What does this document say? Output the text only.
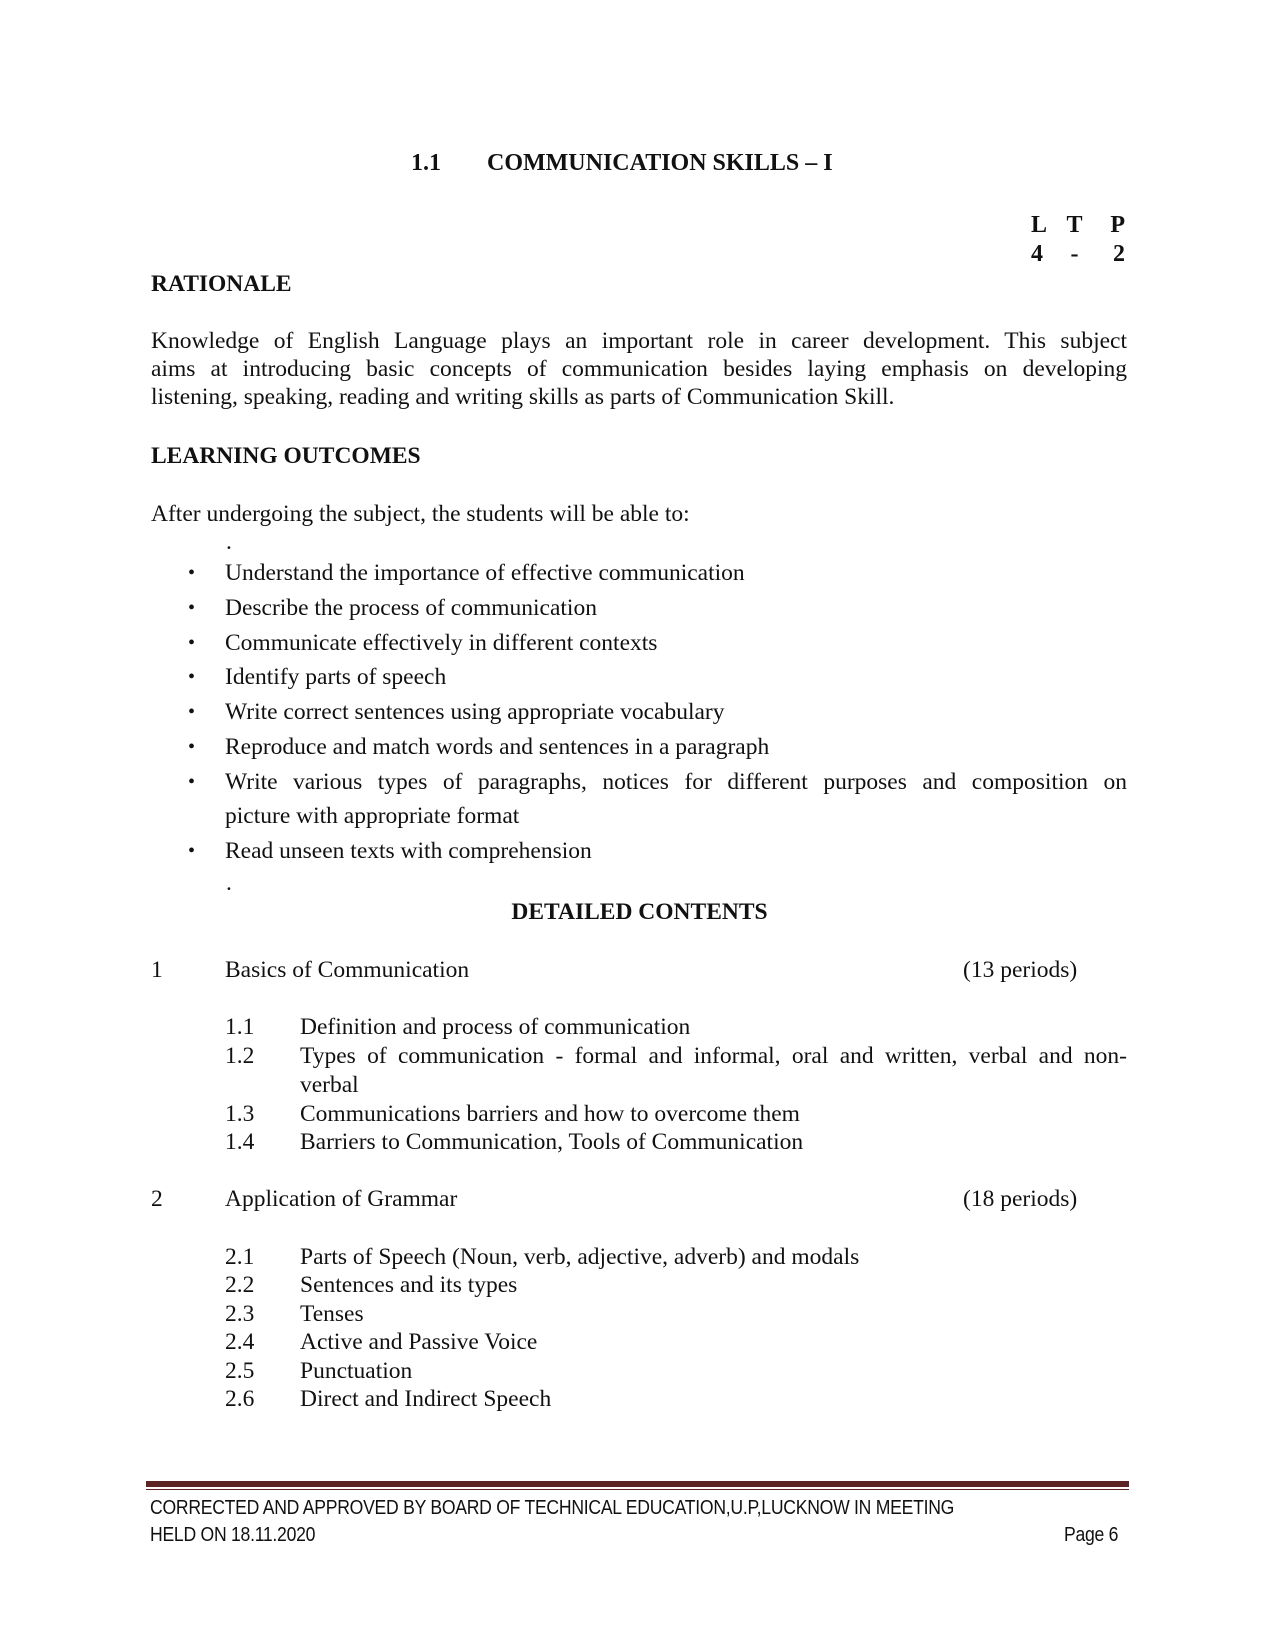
1.1 COMMUNICATION SKILLS – I
L T	P
4	-	2
RATIONALE
Knowledge of English Language plays an important role in career development. This subject
aims at introducing basic concepts of communication besides laying emphasis on developing
listening, speaking, reading and writing skills as parts of Communication Skill.
LEARNING OUTCOMES
After undergoing the subject, the students will be able to:
.
• Understand the importance of effective communication
• Describe the process of communication
• Communicate effectively in different contexts
• Identify parts of speech
• Write correct sentences using appropriate vocabulary
• Reproduce and match words and sentences in a paragraph
• Write various types of paragraphs, notices for different purposes and composition on
picture with appropriate format
• Read unseen texts with comprehension
.
DETAILED CONTENTS
1	Basics of Communication	(13 periods)
1.1 Definition and process of communication
1.2 Types of communication - formal and informal, oral and written, verbal and non-
verbal
1.3 Communications barriers and how to overcome them
1.4 Barriers to Communication, Tools of Communication
2	Application of Grammar	(18 periods)
2.1 Parts of Speech (Noun, verb, adjective, adverb) and modals
2.2 Sentences and its types
2.3 Tenses
2.4 Active and Passive Voice
2.5 Punctuation
2.6 Direct and Indirect Speech
CORRECTED AND APPROVED BY BOARD OF TECHNICAL EDUCATION,U.P,LUCKNOW IN MEETING
HELD ON 18.11.2020	Page 6
